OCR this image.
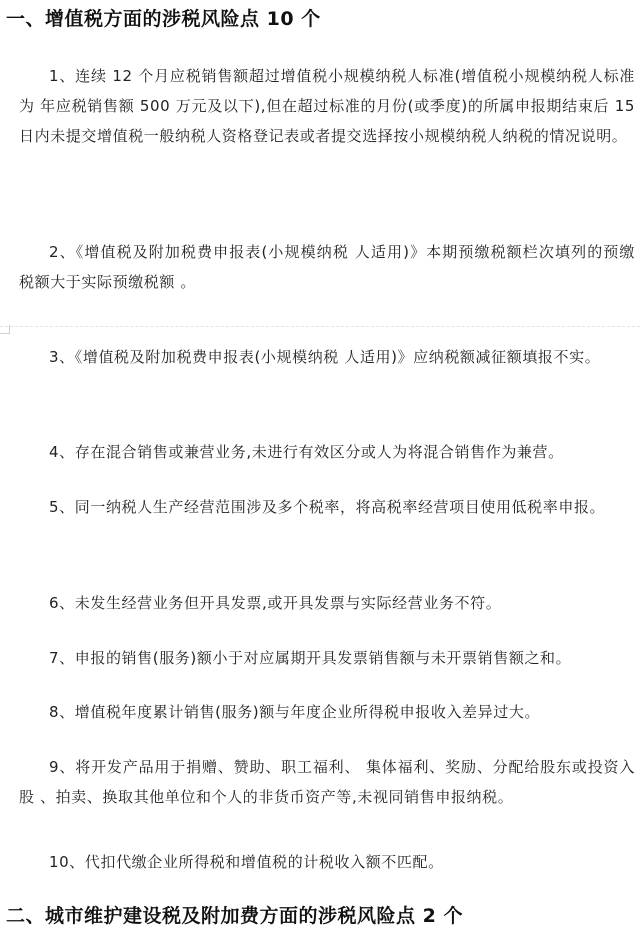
一、增值税方面的涉税风险点 10 个

1、连续 12 个月应税销售额超过增值税小规模纳税人标准(增值税小规模纳税人标准为 年应税销售额 500 万元及以下),但在超过标准的月份(或季度)的所属申报期结束后 15 日内未提交增值税一般纳税人资格登记表或者提交选择按小规模纳税人纳税的情况说明。

2、《增值税及附加税费申报表(小规模纳税 人适用)》本期预缴税额栏次填列的预缴 税额大于实际预缴税额 。

3、《增值税及附加税费申报表(小规模纳税 人适用)》应纳税额减征额填报不实。

4、存在混合销售或兼营业务,未进行有效区分或人为将混合销售作为兼营。

5、同一纳税人生产经营范围涉及多个税率，将高税率经营项目使用低税率申报。

6、未发生经营业务但开具发票,或开具发票与实际经营业务不符。

7、申报的销售(服务)额小于对应属期开具发票销售额与未开票销售额之和。

8、增值税年度累计销售(服务)额与年度企业所得税申报收入差异过大。

9、将开发产品用于捐赠、赞助、职工福利、 集体福利、奖励、分配给股东或投资入股 、拍卖、换取其他单位和个人的非货币资产等,未视同销售申报纳税。

10、代扣代缴企业所得税和增值税的计税收入额不匹配。

二、城市维护建设税及附加费方面的涉税风险点 2 个
